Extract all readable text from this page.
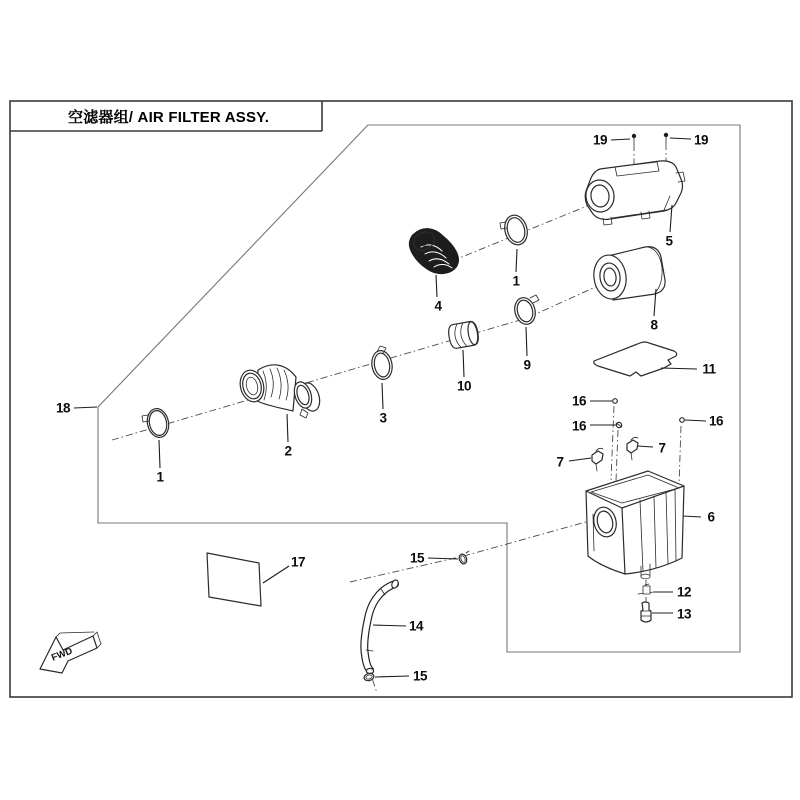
FWD
空滤器组/ AIR FILTER ASSY.
19	19
5
1
8
4
9
10
3
11
2
1
18	16
16	16
7
7
6
12
13
17	15
14
15
